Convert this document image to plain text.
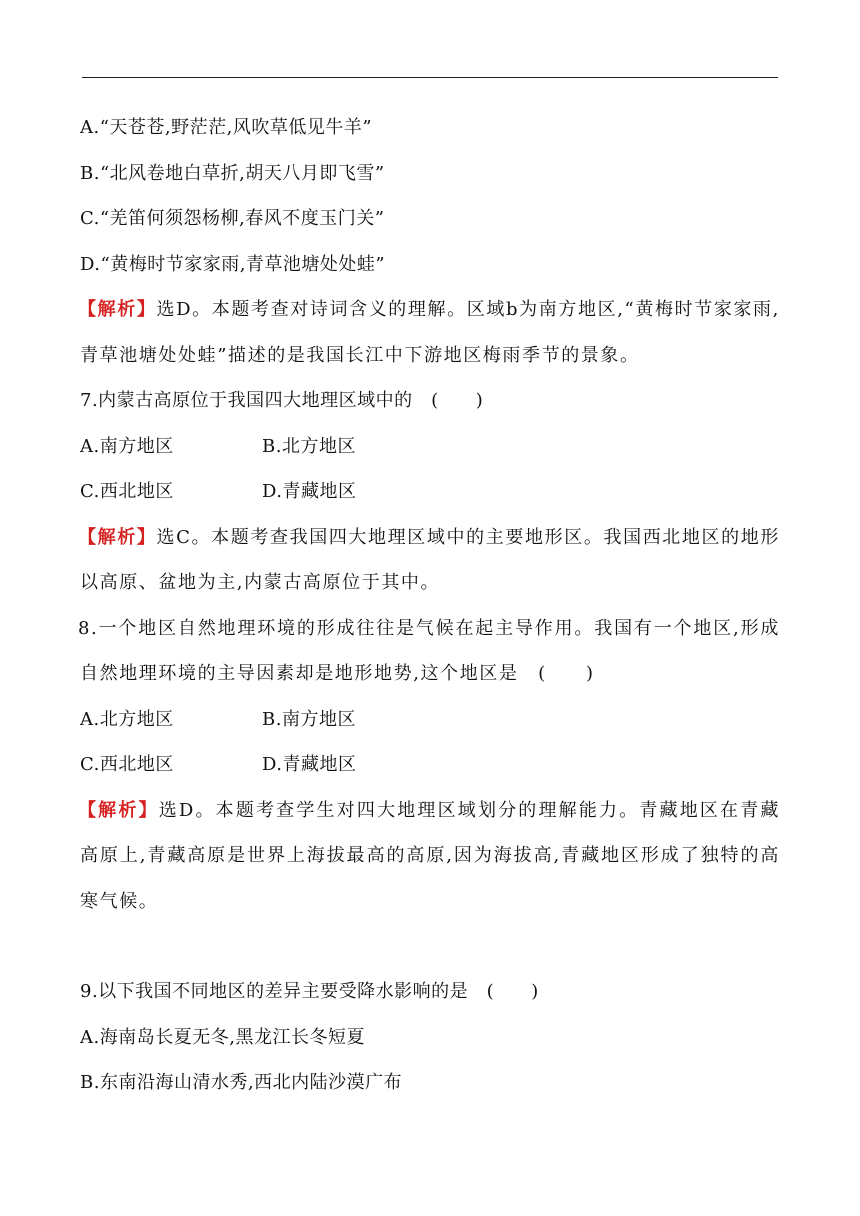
A.“天苍苍,野茫茫,风吹草低见牛羊”
B.“北风卷地白草折,胡天八月即飞雪”
C.“羌笛何须怨杨柳,春风不度玉门关”
D.“黄梅时节家家雨,青草池塘处处蛙”
【解析】选D。本题考查对诗词含义的理解。区域b为南方地区,“黄梅时节家家雨,青草池塘处处蛙”描述的是我国长江中下游地区梅雨季节的景象。
7.内蒙古高原位于我国四大地理区域中的　(　　)
A.南方地区	B.北方地区
C.西北地区	D.青藏地区
【解析】选C。本题考查我国四大地理区域中的主要地形区。我国西北地区的地形以高原、盆地为主,内蒙古高原位于其中。
8.一个地区自然地理环境的形成往往是气候在起主导作用。我国有一个地区,形成自然地理环境的主导因素却是地形地势,这个地区是　(　　)
A.北方地区	B.南方地区
C.西北地区	D.青藏地区
【解析】选D。本题考查学生对四大地理区域划分的理解能力。青藏地区在青藏高原上,青藏高原是世界上海拔最高的高原,因为海拔高,青藏地区形成了独特的高寒气候。
9.以下我国不同地区的差异主要受降水影响的是　(　　)
A.海南岛长夏无冬,黑龙江长冬短夏
B.东南沿海山清水秀,西北内陆沙漠广布
